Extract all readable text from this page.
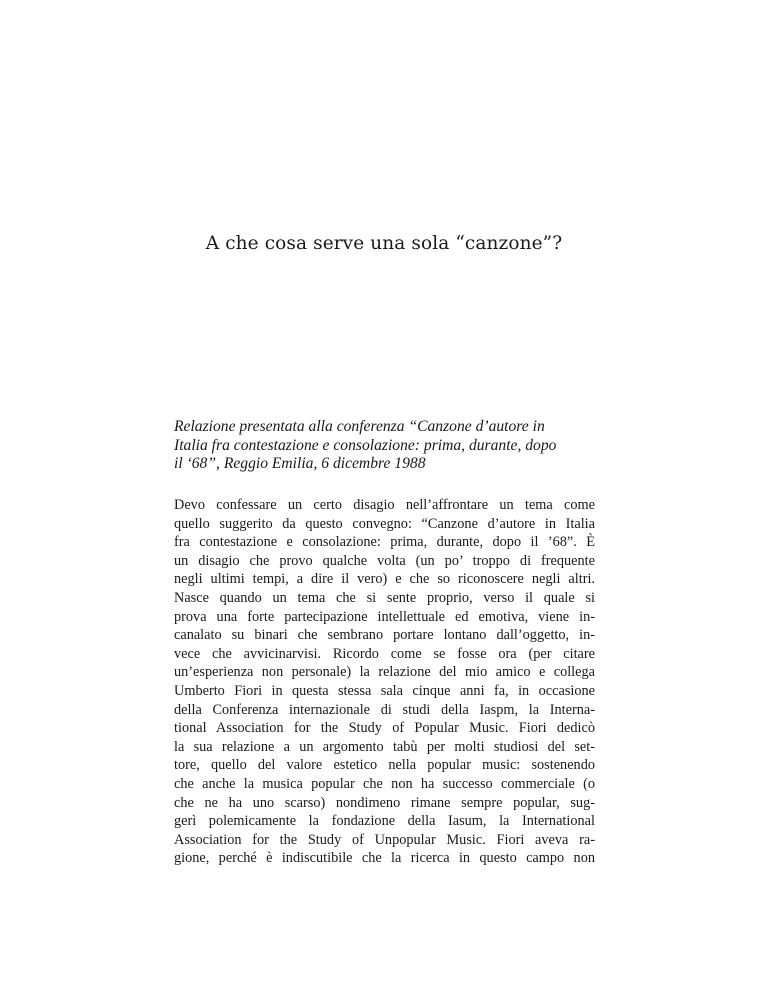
A che cosa serve una sola “canzone”?
Relazione presentata alla conferenza “Canzone d’autore in
Italia fra contestazione e consolazione: prima, durante, dopo
il ‘68”, Reggio Emilia, 6 dicembre 1988
Devo confessare un certo disagio nell’affrontare un tema come
quello suggerito da questo convegno: “Canzone d’autore in Italia
fra contestazione e consolazione: prima, durante, dopo il ’68”. È
un disagio che provo qualche volta (un po’ troppo di frequente
negli ultimi tempi, a dire il vero) e che so riconoscere negli altri.
Nasce quando un tema che si sente proprio, verso il quale si
prova una forte partecipazione intellettuale ed emotiva, viene in-
canalato su binari che sembrano portare lontano dall’oggetto, in-
vece che avvicinarvisi. Ricordo come se fosse ora (per citare
un’esperienza non personale) la relazione del mio amico e collega
Umberto Fiori in questa stessa sala cinque anni fa, in occasione
della Conferenza internazionale di studi della Iaspm, la Interna-
tional Association for the Study of Popular Music. Fiori dedicò
la sua relazione a un argomento tabù per molti studiosi del set-
tore, quello del valore estetico nella popular music: sostenendo
che anche la musica popular che non ha successo commerciale (o
che ne ha uno scarso) nondimeno rimane sempre popular, sug-
gerì polemicamente la fondazione della Iasum, la International
Association for the Study of Unpopular Music. Fiori aveva ra-
gione, perché è indiscutibile che la ricerca in questo campo non
